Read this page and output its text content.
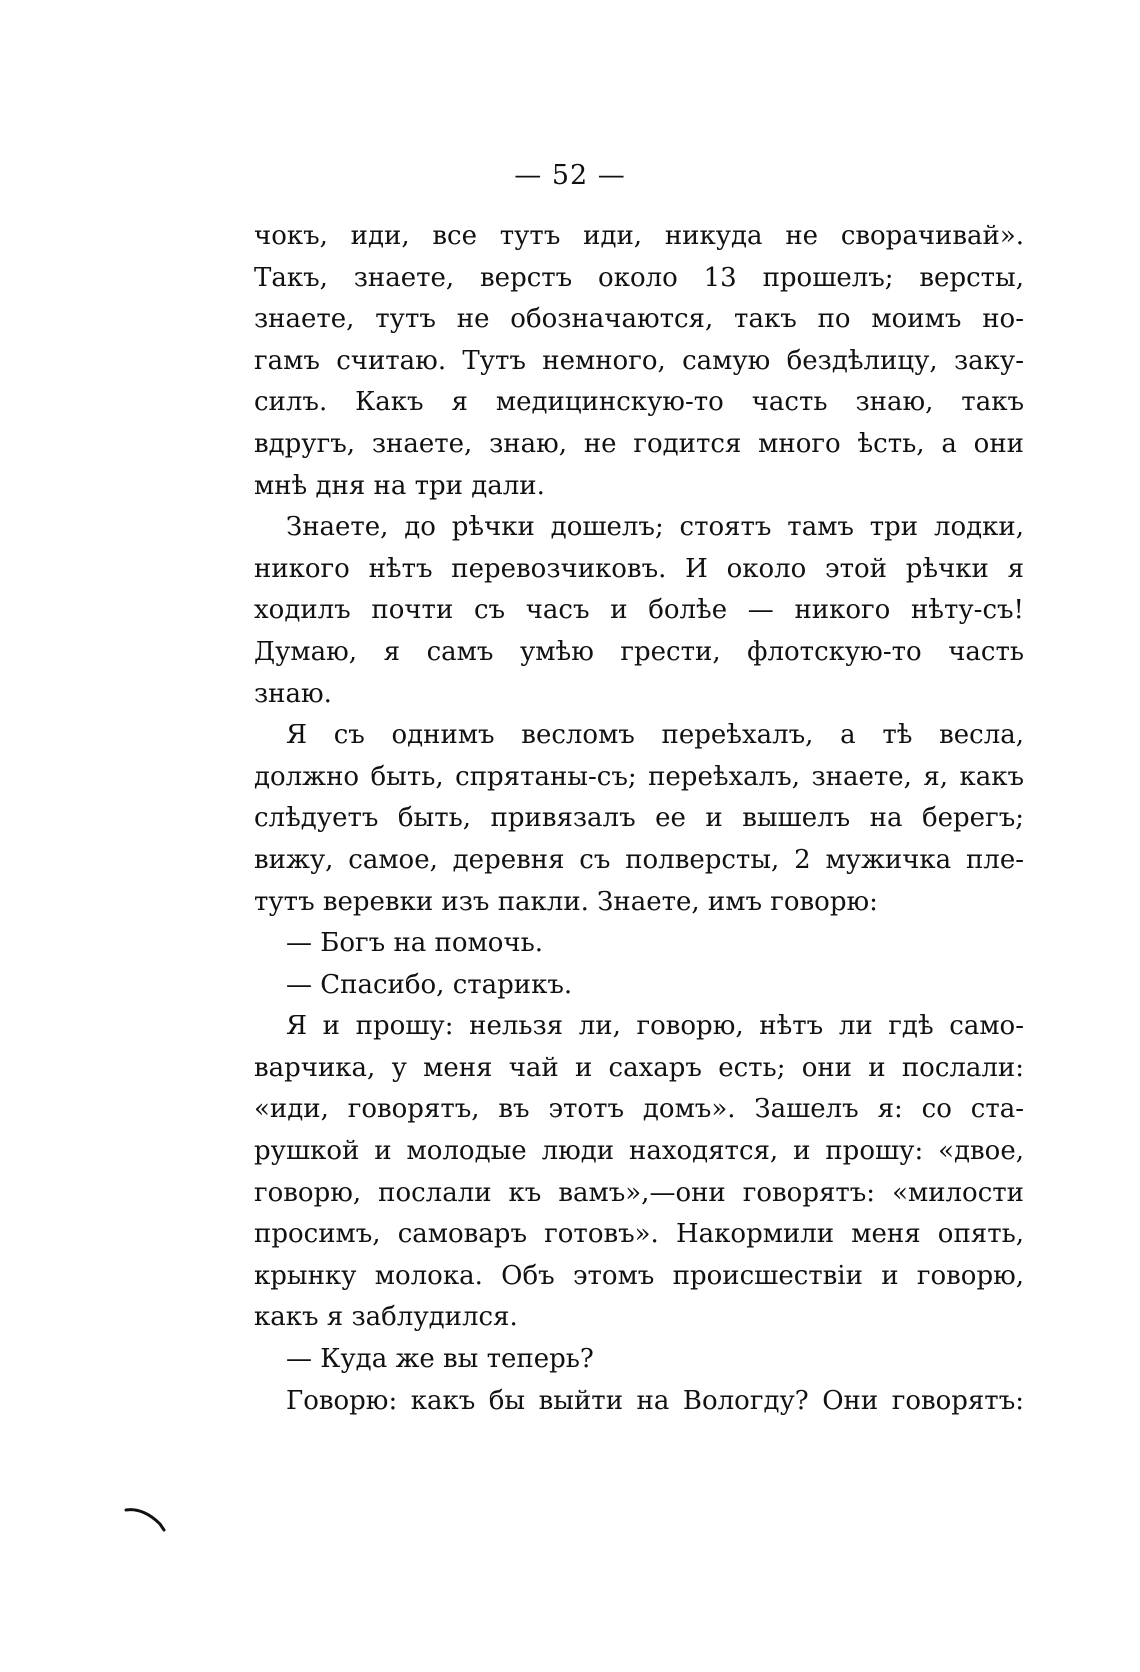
— 52 —
чокъ, иди, все тутъ иди, никуда не сворачивай».
Такъ, знаете, верстъ около 13 прошелъ; версты,
знаете, тутъ не обозначаются, такъ по моимъ но-
гамъ считаю. Тутъ немного, самую бездѣлицу, заку-
силъ. Какъ я медицинскую-то часть знаю, такъ
вдругъ, знаете, знаю, не годится много ѣсть, а они
мнѣ дня на три дали.
Знаете, до рѣчки дошелъ; стоятъ тамъ три лодки,
никого нѣтъ перевозчиковъ. И около этой рѣчки я
ходилъ почти съ часъ и болѣе — никого нѣту-съ!
Думаю, я самъ умѣю грести, флотскую-то часть
знаю.
Я съ однимъ весломъ переѣхалъ, а тѣ весла,
должно быть, спрятаны-съ; переѣхалъ, знаете, я, какъ
слѣдуетъ быть, привязалъ ее и вышелъ на берегъ;
вижу, самое, деревня съ полверсты, 2 мужичка пле-
тутъ веревки изъ пакли. Знаете, имъ говорю:
— Богъ на помочь.
— Спасибо, старикъ.
Я и прошу: нельзя ли, говорю, нѣтъ ли гдѣ само-
варчика, у меня чай и сахаръ есть; они и послали:
«иди, говорятъ, въ этотъ домъ». Зашелъ я: со ста-
рушкой и молодые люди находятся, и прошу: «двое,
говорю, послали къ вамъ»,—они говорятъ: «милости
просимъ, самоваръ готовъ». Накормили меня опять,
крынку молока. Объ этомъ происшествіи и говорю,
какъ я заблудился.
— Куда же вы теперь?
Говорю: какъ бы выйти на Вологду? Они говорятъ:
